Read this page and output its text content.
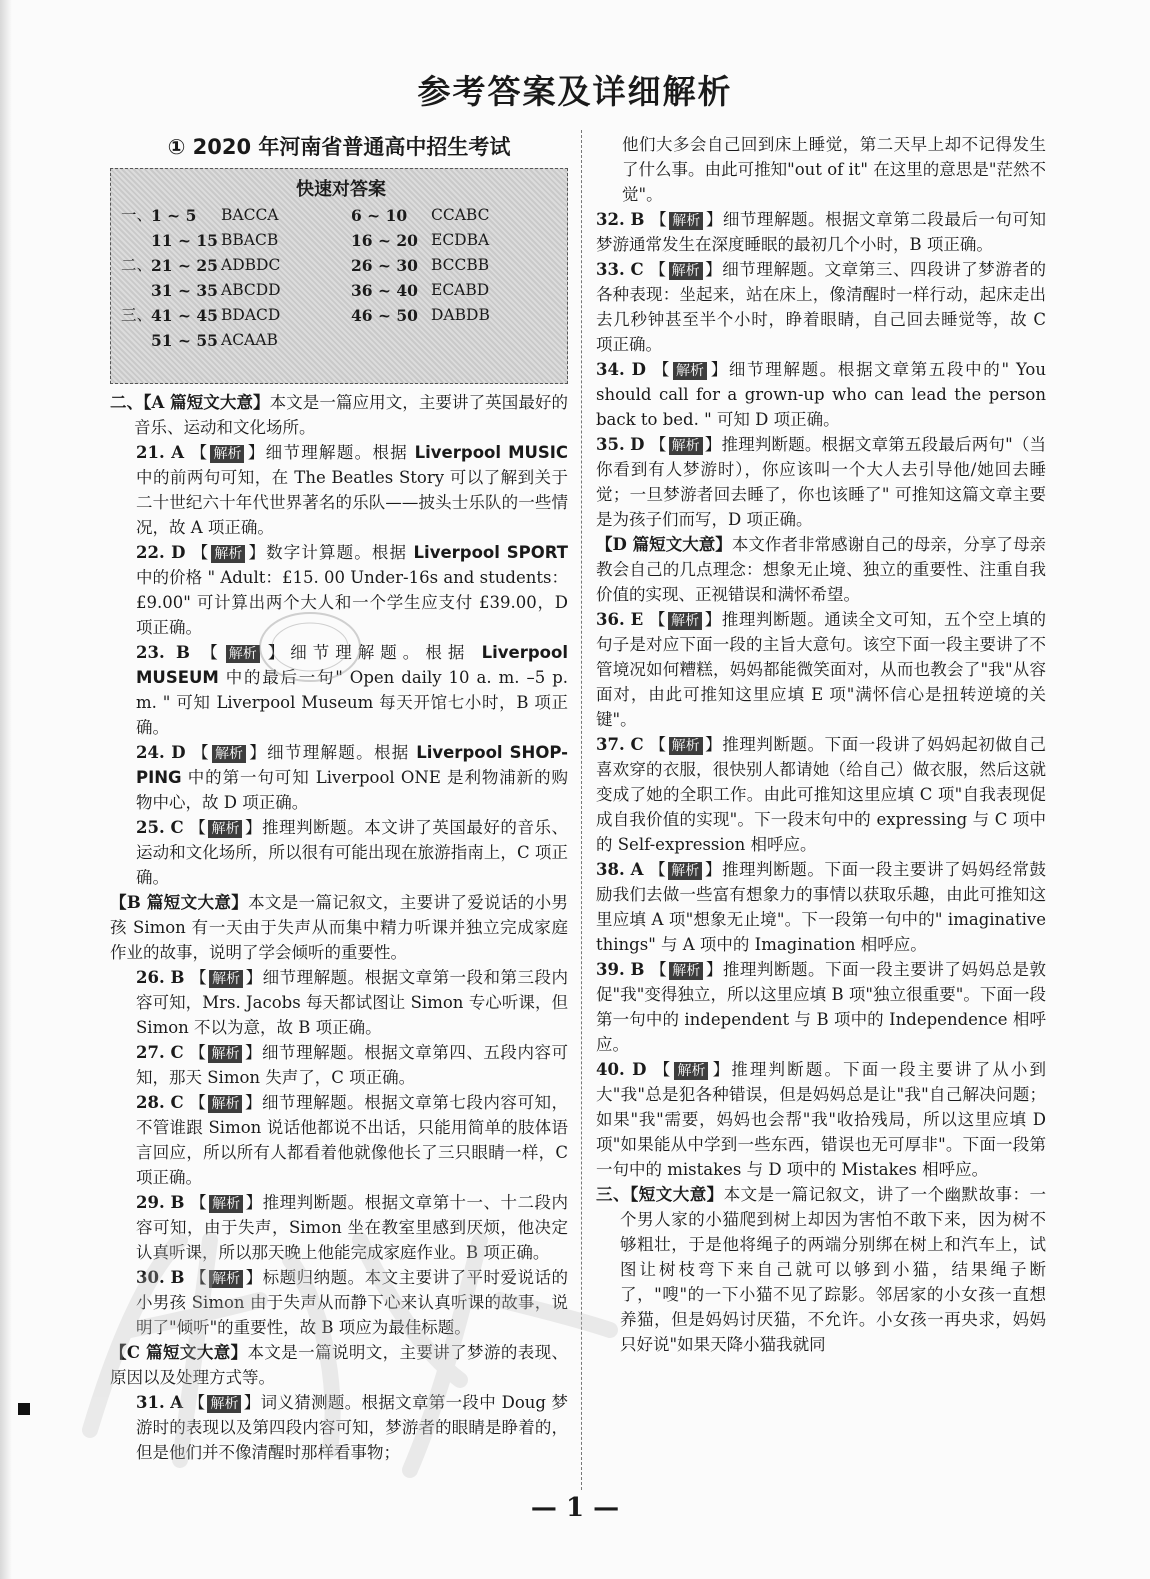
参考答案及详细解析
① 2020 年河南省普通高中招生考试
快速对答案
一、
1 ~ 5	BACCA	6 ~ 10	CCABC
11 ~ 15 BBACB	16 ~ 20 ECDBA
二、
21 ~ 25 ADBDC	26 ~ 30 BCCBB
31 ~ 35 ABCDD	36 ~ 40 ECABD
三、
41 ~ 45 BDACD	46 ~ 50 DABDB
51 ~ 55 ACAAB

二、【A 篇短文大意】本文是一篇应用文，主要讲了英国最好的音乐、运动和文化场所。

21. A 【 解析 】细节理解题。根据 Liverpool MUSIC 中的前两句可知，在 The Beatles Story 可以了解到关于二十世纪六十年代世界著名的乐队——披头士乐队的一些情况，故 A 项正确。

22. D 【 解析 】数字计算题。根据 Liverpool SPORT 中的价格 " Adult：£15. 00 Under-16s and students：£9.00" 可计算出两个大人和一个学生应支付 £39.00，D 项正确。

23. B 【 解析 】细节理解题。根据 Liverpool MUSEUM 中的最后一句" Open daily 10 a. m. –5 p. m. " 可知 Liverpool Museum 每天开馆七小时，B 项正确。

24. D 【 解析 】细节理解题。根据 Liverpool SHOP-PING 中的第一句可知 Liverpool ONE 是利物浦新的购物中心，故 D 项正确。

25. C 【 解析 】推理判断题。本文讲了英国最好的音乐、运动和文化场所，所以很有可能出现在旅游指南上，C 项正确。

【B 篇短文大意】本文是一篇记叙文，主要讲了爱说话的小男孩 Simon 有一天由于失声从而集中精力听课并独立完成家庭作业的故事，说明了学会倾听的重要性。

26. B 【 解析 】细节理解题。根据文章第一段和第三段内容可知，Mrs. Jacobs 每天都试图让 Simon 专心听课，但 Simon 不以为意，故 B 项正确。

27. C 【 解析 】细节理解题。根据文章第四、五段内容可知，那天 Simon 失声了，C 项正确。

28. C 【 解析 】细节理解题。根据文章第七段内容可知，不管谁跟 Simon 说话他都说不出话，只能用简单的肢体语言回应，所以所有人都看着他就像他长了三只眼睛一样，C 项正确。

29. B 【 解析 】推理判断题。根据文章第十一、十二段内容可知，由于失声，Simon 坐在教室里感到厌烦，他决定认真听课，所以那天晚上他能完成家庭作业。B 项正确。

30. B 【 解析 】标题归纳题。本文主要讲了平时爱说话的小男孩 Simon 由于失声从而静下心来认真听课的故事，说明了"倾听"的重要性，故 B 项应为最佳标题。

【C 篇短文大意】本文是一篇说明文，主要讲了梦游的表现、原因以及处理方式等。

31. A 【 解析 】词义猜测题。根据文章第一段中 Doug 梦游时的表现以及第四段内容可知，梦游者的眼睛是睁着的，但是他们并不像清醒时那样看事物；

他们大多会自己回到床上睡觉，第二天早上却不记得发生了什么事。由此可推知"out of it" 在这里的意思是"茫然不觉"。

32. B 【 解析 】细节理解题。根据文章第二段最后一句可知梦游通常发生在深度睡眠的最初几个小时，B 项正确。

33. C 【 解析 】细节理解题。文章第三、四段讲了梦游者的各种表现：坐起来，站在床上，像清醒时一样行动，起床走出去几秒钟甚至半个小时，睁着眼睛，自己回去睡觉等，故 C 项正确。

34. D 【 解析 】细节理解题。根据文章第五段中的" You should call for a grown-up who can lead the person back to bed. " 可知 D 项正确。

35. D 【 解析 】推理判断题。根据文章第五段最后两句"（当你看到有人梦游时），你应该叫一个大人去引导他/她回去睡觉；一旦梦游者回去睡了，你也该睡了" 可推知这篇文章主要是为孩子们而写，D 项正确。

【D 篇短文大意】本文作者非常感谢自己的母亲，分享了母亲教会自己的几点理念：想象无止境、独立的重要性、注重自我价值的实现、正视错误和满怀希望。

36. E 【 解析 】推理判断题。通读全文可知，五个空上填的句子是对应下面一段的主旨大意句。该空下面一段主要讲了不管境况如何糟糕，妈妈都能微笑面对，从而也教会了"我"从容面对，由此可推知这里应填 E 项"满怀信心是扭转逆境的关键"。

37. C 【 解析 】推理判断题。下面一段讲了妈妈起初做自己喜欢穿的衣服，很快别人都请她（给自己）做衣服，然后这就变成了她的全职工作。由此可推知这里应填 C 项"自我表现促成自我价值的实现"。下一段末句中的 expressing 与 C 项中的 Self-expression 相呼应。

38. A 【 解析 】推理判断题。下面一段主要讲了妈妈经常鼓励我们去做一些富有想象力的事情以获取乐趣，由此可推知这里应填 A 项"想象无止境"。下一段第一句中的" imaginative things" 与 A 项中的 Imagination 相呼应。

39. B 【 解析 】推理判断题。下面一段主要讲了妈妈总是敦促"我"变得独立，所以这里应填 B 项"独立很重要"。下面一段第一句中的 independent 与 B 项中的 Independence 相呼应。

40. D 【 解析 】推理判断题。下面一段主要讲了从小到大"我"总是犯各种错误，但是妈妈总是让"我"自己解决问题；如果"我"需要，妈妈也会帮"我"收拾残局，所以这里应填 D 项"如果能从中学到一些东西，错误也无可厚非"。下面一段第一句中的 mistakes 与 D 项中的 Mistakes 相呼应。

三、【短文大意】本文是一篇记叙文，讲了一个幽默故事：一个男人家的小猫爬到树上却因为害怕不敢下来，因为树不够粗壮，于是他将绳子的两端分别绑在树上和汽车上，试图让树枝弯下来自己就可以够到小猫，结果绳子断了，"嗖"的一下小猫不见了踪影。邻居家的小女孩一直想养猫，但是妈妈讨厌猫，不允许。小女孩一再央求，妈妈只好说"如果天降小猫我就同

— 1 —
